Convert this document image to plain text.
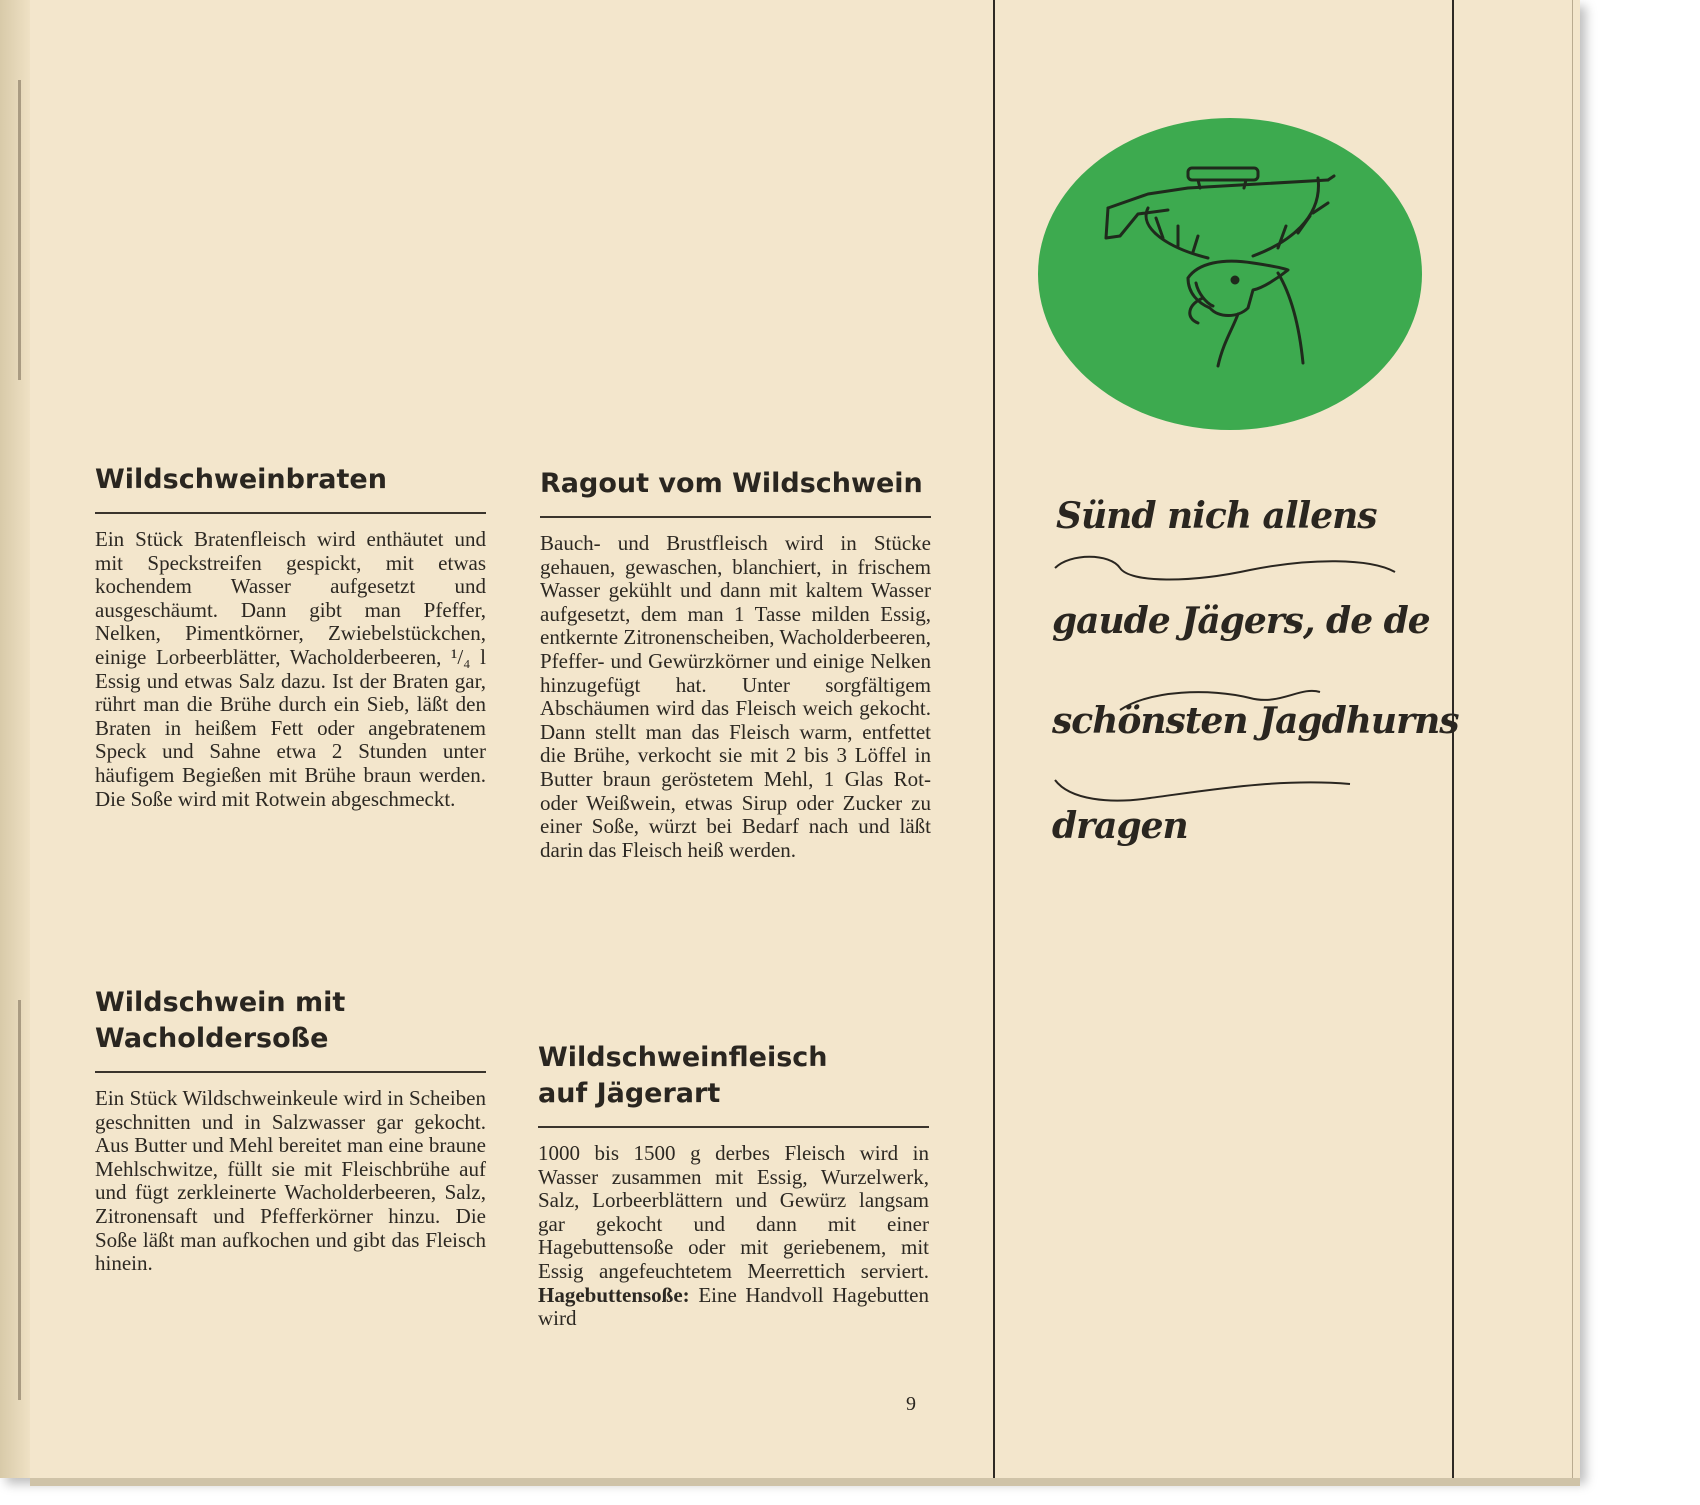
Wildschweinbraten

Ein Stück Bratenfleisch wird enthäutet und mit Speckstreifen gespickt, mit etwas kochendem Wasser aufgesetzt und ausgeschäumt. Dann gibt man Pfeffer, Nelken, Pimentkörner, Zwiebelstückchen, einige Lorbeerblätter, Wacholderbeeren, ¹/₄ l Essig und etwas Salz dazu. Ist der Braten gar, rührt man die Brühe durch ein Sieb, läßt den Braten in heißem Fett oder angebratenem Speck und Sahne etwa 2 Stunden unter häufigem Begießen mit Brühe braun werden. Die Soße wird mit Rotwein abgeschmeckt.

Wildschwein mit
Wacholdersoße

Ein Stück Wildschweinkeule wird in Scheiben geschnitten und in Salzwasser gar gekocht. Aus Butter und Mehl bereitet man eine braune Mehlschwitze, füllt sie mit Fleischbrühe auf und fügt zerkleinerte Wacholderbeeren, Salz, Zitronensaft und Pfefferkörner hinzu. Die Soße läßt man aufkochen und gibt das Fleisch hinein.

Ragout vom Wildschwein

Bauch- und Brustfleisch wird in Stücke gehauen, gewaschen, blanchiert, in frischem Wasser gekühlt und dann mit kaltem Wasser aufgesetzt, dem man 1 Tasse milden Essig, entkernte Zitronenscheiben, Wacholderbeeren, Pfeffer- und Gewürzkörner und einige Nelken hinzugefügt hat. Unter sorgfältigem Abschäumen wird das Fleisch weich gekocht. Dann stellt man das Fleisch warm, entfettet die Brühe, verkocht sie mit 2 bis 3 Löffel in Butter braun geröstetem Mehl, 1 Glas Rot- oder Weißwein, etwas Sirup oder Zucker zu einer Soße, würzt bei Bedarf nach und läßt darin das Fleisch heiß werden.

Wildschweinfleisch
auf Jägerart

1000 bis 1500 g derbes Fleisch wird in Wasser zusammen mit Essig, Wurzelwerk, Salz, Lorbeerblättern und Gewürz langsam gar gekocht und dann mit einer Hagebuttensoße oder mit geriebenem, mit Essig angefeuchtetem Meerrettich serviert. Hagebuttensoße: Eine Handvoll Hagebutten wird

9
Sünd nich allens
gaude Jägers, de de
schönsten Jagdhurns
dragen
